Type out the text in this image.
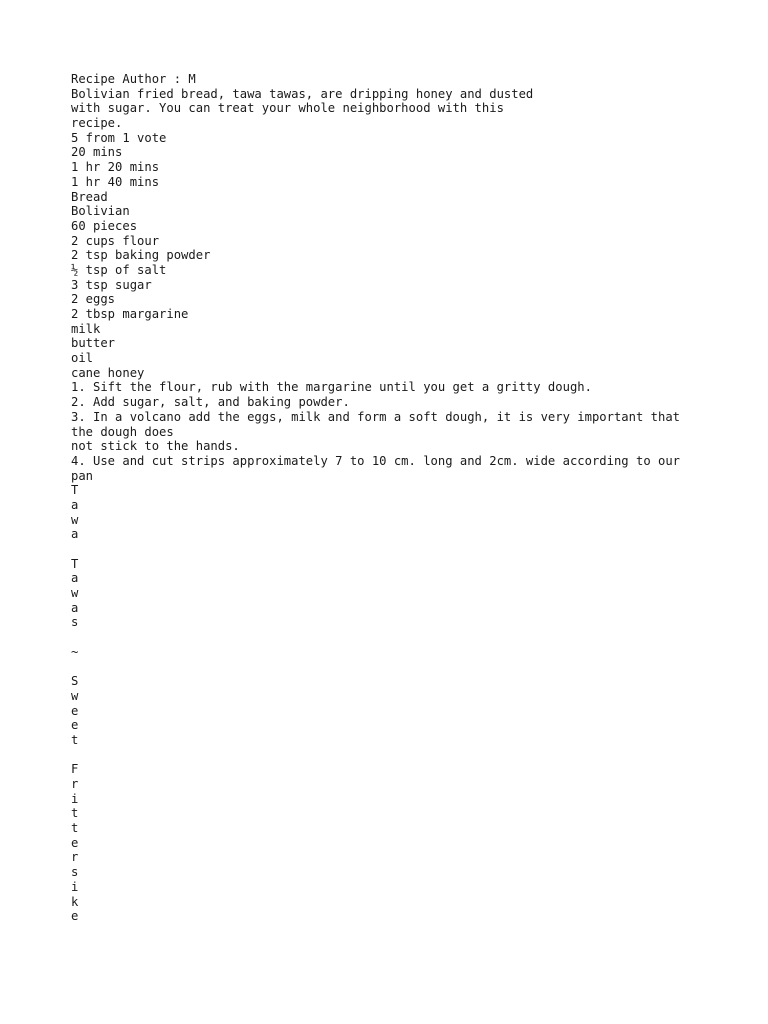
Recipe Author : M
Bolivian fried bread, tawa tawas, are dripping honey and dusted
with sugar. You can treat your whole neighborhood with this
recipe.
5 from 1 vote
20 mins
1 hr 20 mins
1 hr 40 mins
Bread
Bolivian
60 pieces
2 cups flour
2 tsp baking powder
½ tsp of salt
3 tsp sugar
2 eggs
2 tbsp margarine
milk
butter
oil
cane honey
1. Sift the flour, rub with the margarine until you get a gritty dough.
2. Add sugar, salt, and baking powder.
3. In a volcano add the eggs, milk and form a soft dough, it is very important that
the dough does
not stick to the hands.
4. Use and cut strips approximately 7 to 10 cm. long and 2cm. wide according to our
pan
T
a
w
a
T
a
w
a
s
~
S
w
e
e
t
F
r
i
t
t
e
r
s
i
k
e
